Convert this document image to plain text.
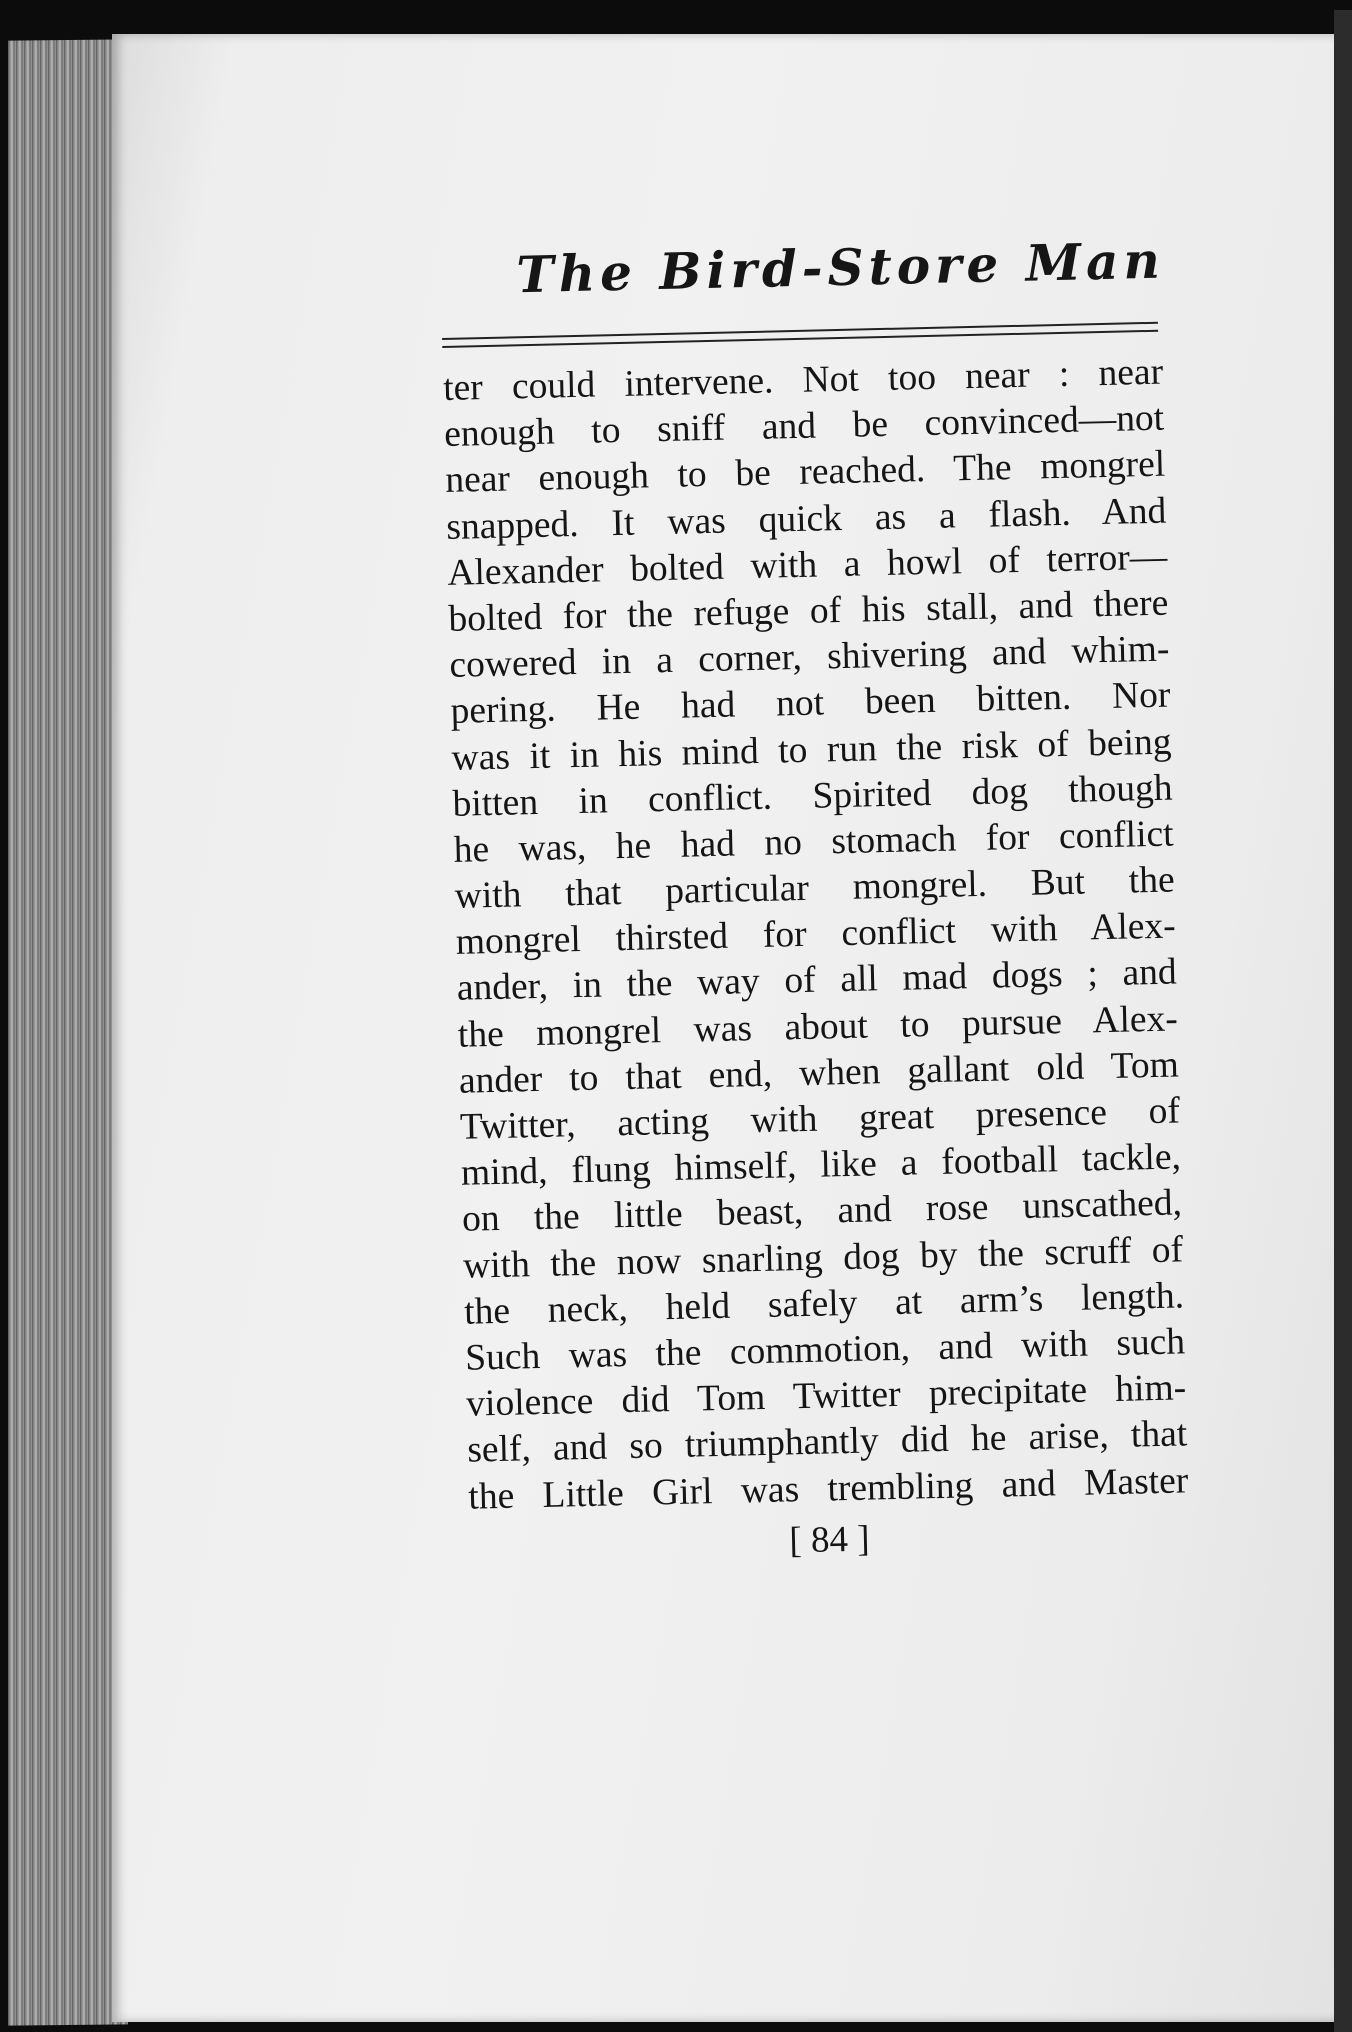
The Bird-Store Man
ter could intervene. Not too near : near
enough to sniff and be convinced—not
near enough to be reached. The mongrel
snapped. It was quick as a flash. And
Alexander bolted with a howl of terror—
bolted for the refuge of his stall, and there
cowered in a corner, shivering and whim-
pering. He had not been bitten. Nor
was it in his mind to run the risk of being
bitten in conflict. Spirited dog though
he was, he had no stomach for conflict
with that particular mongrel. But the
mongrel thirsted for conflict with Alex-
ander, in the way of all mad dogs ; and
the mongrel was about to pursue Alex-
ander to that end, when gallant old Tom
Twitter, acting with great presence of
mind, flung himself, like a football tackle,
on the little beast, and rose unscathed,
with the now snarling dog by the scruff of
the neck, held safely at arm’s length.
Such was the commotion, and with such
violence did Tom Twitter precipitate him-
self, and so triumphantly did he arise, that
the Little Girl was trembling and Master
[ 84 ]
